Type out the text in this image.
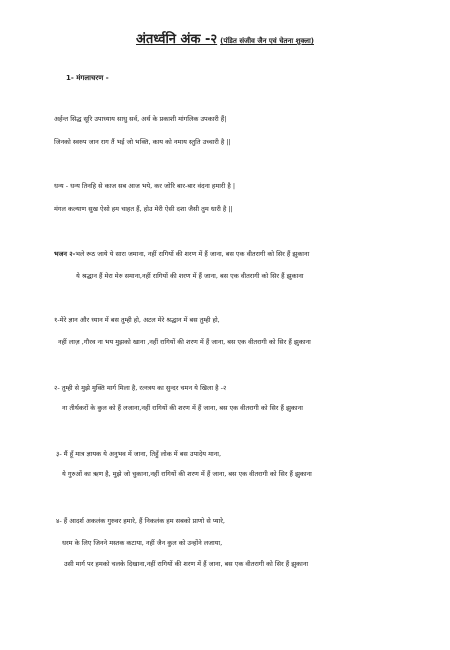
अंतर्ध्वनि अंक -२ (पंडित संजीव जैन एवं चेतना शुक्ला)
1- मंगलाचरण -
अर्हन्त सिद्ध सूरि उपाध्याय साधु सर्व, अर्थ के प्रकाशी मांगलिक उपकारी हैं|
जिनको स्वरुप जान राग तैं भई जो भक्ति, काय को नमाय स्तुति उच्चारी है ||
धन्य - धन्य तिनहि से काज सब आज भये, कर जोरि बार-बार वंदना हमारी है |
मंगल कल्याण सुख ऐसो हम चाहत हैं, होउ मेरी ऐसी दशा जैसी तुम धारी है ||
भजन २-भले रूठ जाये ये सारा जमाना, नहीं रागियों की शरण में हैं जाना, बस एक वीतरागी को सिर हैं झुकाना
ये श्रद्धान हैं मेरा मेरु समाना,नहीं रागियों की शरण में हैं जाना, बस एक वीतरागी को सिर हैं झुकाना
१-मेरे ज्ञान और ध्यान में बस तुम्ही हो, अटल मेरे श्रद्धान में बस तुम्ही हो,
नहीं लाज़ ,गौरव ना भय मुझको खाना ,नहीं रागियों की शरण में हैं जाना, बस एक वीतरागी को सिर हैं झुकाना
२- तुम्ही से मुझे मुक्ति मार्ग मिला है, रत्नत्रय का सुन्दर चमन ये खिला है -२
ना तीर्थकरों के कुल को हैं लजाना,नहीं रागियों की शरण में हैं जाना, बस एक वीतरागी को सिर हैं झुकाना
३- मैं हूँ मात्र ज्ञायक ये अनुभव में जाना, तिहुँ लोक में बस उपादेय माना,
ये गुरुओं का ऋण है, मुझे जो चुकाना,नहीं रागियों की शरण में हैं जाना, बस एक वीतरागी को सिर हैं झुकाना
४- हैं आदर्श अकलंक गुरुवर हमारे, हैं निकलंक हम सबको प्राणो से प्यारे,
धरम के लिए जिनने मस्तक कटाया, नहीं जैन कुल को उन्होंने लजाया,
उसी मार्ग पर हमको चलके दिखाना,नहीं रागियों की शरण में हैं जाना, बस एक वीतरागी को सिर हैं झुकाना
